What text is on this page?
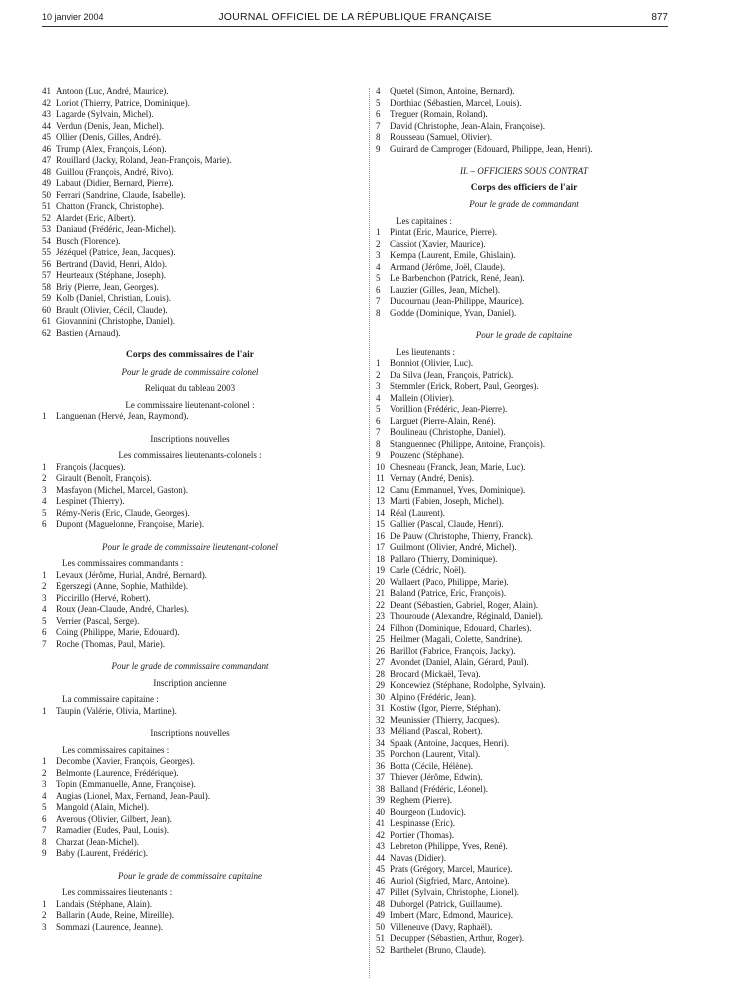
10 janvier 2004	JOURNAL OFFICIEL DE LA RÉPUBLIQUE FRANÇAISE	877
41 Antoon (Luc, André, Maurice).
42 Loriot (Thierry, Patrice, Dominique).
43 Lagarde (Sylvain, Michel).
44 Verdun (Denis, Jean, Michel).
45 Ollier (Denis, Gilles, André).
46 Trump (Alex, François, Léon).
47 Rouillard (Jacky, Roland, Jean-François, Marie).
48 Guillou (François, André, Rivo).
49 Labaut (Didier, Bernard, Pierre).
50 Ferrari (Sandrine, Claude, Isabelle).
51 Chatton (Franck, Christophe).
52 Alardet (Eric, Albert).
53 Daniaud (Frédéric, Jean-Michel).
54 Busch (Florence).
55 Jézéquel (Patrice, Jean, Jacques).
56 Bertrand (David, Henri, Aldo).
57 Heurteaux (Stéphane, Joseph).
58 Briy (Pierre, Jean, Georges).
59 Kolb (Daniel, Christian, Louis).
60 Brault (Olivier, Cécil, Claude).
61 Giovannini (Christophe, Daniel).
62 Bastien (Arnaud).
Corps des commissaires de l'air
Pour le grade de commissaire colonel
Reliquat du tableau 2003
Le commissaire lieutenant-colonel :
1 Languenan (Hervé, Jean, Raymond).
Inscriptions nouvelles
Les commissaires lieutenants-colonels :
1 François (Jacques).
2 Girault (Benoît, François).
3 Masfayon (Michel, Marcel, Gaston).
4 Lespinet (Thierry).
5 Rémy-Neris (Eric, Claude, Georges).
6 Dupont (Maguelonne, Françoise, Marie).
Pour le grade de commissaire lieutenant-colonel
Les commissaires commandants :
1 Levaux (Jérôme, Hurial, André, Bernard).
2 Egerszegi (Anne, Sophie, Mathilde).
3 Piccirillo (Hervé, Robert).
4 Roux (Jean-Claude, André, Charles).
5 Verrier (Pascal, Serge).
6 Coing (Philippe, Marie, Edouard).
7 Roche (Thomas, Paul, Marie).
Pour le grade de commissaire commandant
Inscription ancienne
La commissaire capitaine :
1 Taupin (Valérie, Olivia, Martine).
Inscriptions nouvelles
Les commissaires capitaines :
1 Decombe (Xavier, François, Georges).
2 Belmonte (Laurence, Frédérique).
3 Topin (Emmanuelle, Anne, Françoise).
4 Augias (Lionel, Max, Fernand, Jean-Paul).
5 Mangold (Alain, Michel).
6 Averous (Olivier, Gilbert, Jean).
7 Ramadier (Eudes, Paul, Louis).
8 Charzat (Jean-Michel).
9 Baby (Laurent, Frédéric).
Pour le grade de commissaire capitaine
Les commissaires lieutenants :
1 Landais (Stéphane, Alain).
2 Ballarin (Aude, Reine, Mireille).
3 Sommazi (Laurence, Jeanne).
4 Quetel (Simon, Antoine, Bernard).
5 Dorthiac (Sébastien, Marcel, Louis).
6 Treguer (Romain, Roland).
7 David (Christophe, Jean-Alain, Françoise).
8 Rousseau (Samuel, Olivier).
9 Guirard de Camproger (Edouard, Philippe, Jean, Henri).
II. – OFFICIERS SOUS CONTRAT
Corps des officiers de l'air
Pour le grade de commandant
Les capitaines :
1 Pintat (Eric, Maurice, Pierre).
2 Cassiot (Xavier, Maurice).
3 Kempa (Laurent, Emile, Ghislain).
4 Armand (Jérôme, Joël, Claude).
5 Le Barbenchon (Patrick, René, Jean).
6 Lauzier (Gilles, Jean, Michel).
7 Ducournau (Jean-Philippe, Maurice).
8 Godde (Dominique, Yvan, Daniel).
Pour le grade de capitaine
Les lieutenants :
1 Bonniot (Olivier, Luc).
2 Da Silva (Jean, François, Patrick).
3 Stemmler (Erick, Robert, Paul, Georges).
4 Mallein (Olivier).
5 Vorillion (Frédéric, Jean-Pierre).
6 Larguet (Pierre-Alain, René).
7 Boulineau (Christophe, Daniel).
8 Stanguennec (Philippe, Antoine, François).
9 Pouzenc (Stéphane).
10 Chesneau (Franck, Jean, Marie, Luc).
11 Vernay (André, Denis).
12 Canu (Emmanuel, Yves, Dominique).
13 Marti (Fabien, Joseph, Michel).
14 Réal (Laurent).
15 Gallier (Pascal, Claude, Henri).
16 De Pauw (Christophe, Thierry, Franck).
17 Guilmont (Olivier, André, Michel).
18 Pallaro (Thierry, Dominique).
19 Carle (Cédric, Noël).
20 Wallaert (Paco, Philippe, Marie).
21 Baland (Patrice, Eric, François).
22 Deant (Sébastien, Gabriel, Roger, Alain).
23 Thouroude (Alexandre, Réginald, Daniel).
24 Filhon (Dominique, Edouard, Charles).
25 Heilmer (Magali, Colette, Sandrine).
26 Barillot (Fabrice, François, Jacky).
27 Avondet (Daniel, Alain, Gérard, Paul).
28 Brocard (Mickaël, Teva).
29 Koncewiez (Stéphane, Rodolphe, Sylvain).
30 Alpino (Frédéric, Jean).
31 Kostiw (Igor, Pierre, Stéphan).
32 Meunissier (Thierry, Jacques).
33 Méliand (Pascal, Robert).
34 Spaak (Antoine, Jacques, Henri).
35 Porchon (Laurent, Vital).
36 Botta (Cécile, Hélène).
37 Thiever (Jérôme, Edwin).
38 Balland (Frédéric, Léonel).
39 Reghem (Pierre).
40 Bourgeon (Ludovic).
41 Lespinasse (Eric).
42 Portier (Thomas).
43 Lebreton (Philippe, Yves, René).
44 Navas (Didier).
45 Prats (Grégory, Marcel, Maurice).
46 Auriol (Sigfried, Marc, Antoine).
47 Pillet (Sylvain, Christophe, Lionel).
48 Duborgel (Patrick, Guillaume).
49 Imbert (Marc, Edmond, Maurice).
50 Villeneuve (Davy, Raphaël).
51 Decupper (Sébastien, Arthur, Roger).
52 Barthelet (Bruno, Claude).
